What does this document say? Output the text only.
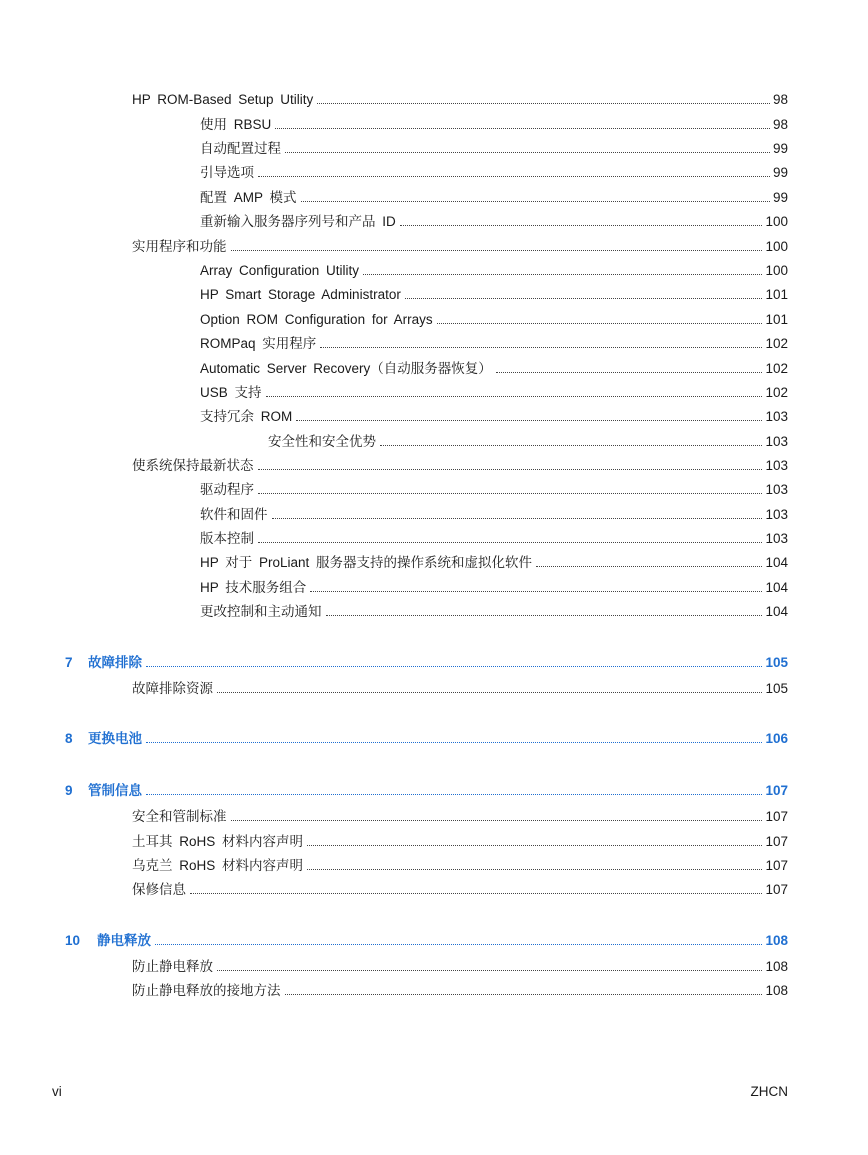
HP ROM-Based Setup Utility	98
使用 RBSU	98
自动配置过程	99
引导选项	99
配置 AMP 模式	99
重新输入服务器序列号和产品 ID	100
实用程序和功能	100
Array Configuration Utility	100
HP Smart Storage Administrator	101
Option ROM Configuration for Arrays	101
ROMPaq 实用程序	102
Automatic Server Recovery（自动服务器恢复）	102
USB 支持	102
支持冗余 ROM	103
安全性和安全优势	103
使系统保持最新状态	103
驱动程序	103
软件和固件	103
版本控制	103
HP 对于 ProLiant 服务器支持的操作系统和虚拟化软件	104
HP 技术服务组合	104
更改控制和主动通知	104
7	故障排除	105
故障排除资源	105
8	更换电池	106
9	管制信息	107
安全和管制标准	107
土耳其 RoHS 材料内容声明	107
乌克兰 RoHS 材料内容声明	107
保修信息	107
10	静电释放	108
防止静电释放	108
防止静电释放的接地方法	108
vi	ZHCN
